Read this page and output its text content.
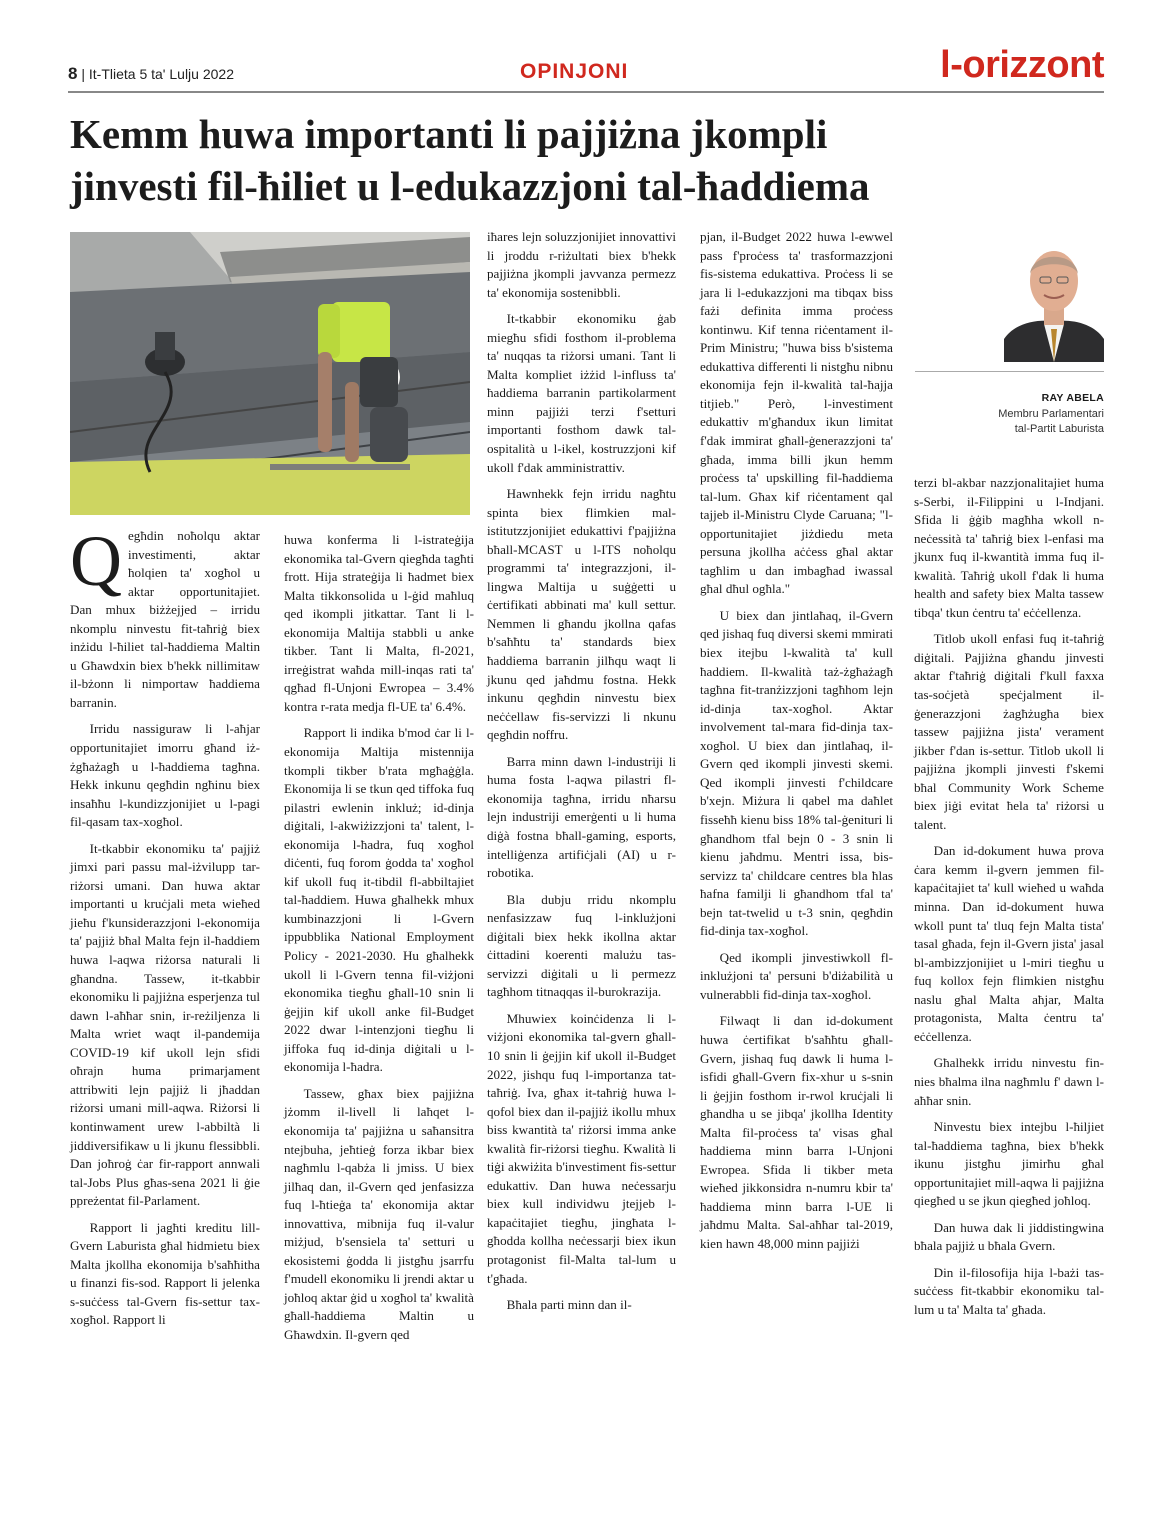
8 | It-Tlieta 5 ta' Lulju 2022	OPINJONI	l-orizzont
Kemm huwa importanti li pajjiżna jkompli
jinvesti fil-ħiliet u l-edukazzjoni tal-ħaddiema
Q egħdin noħolqu aktar investimenti, aktar ħolqien ta' xogħol u aktar opportunitajiet. Dan mhux biżżejjed – irridu nkomplu ninvestu fit-taħriġ biex inżidu l-ħiliet tal-ħaddiema Maltin u Għawdxin biex b'hekk nillimitaw il-bżonn li nimportaw ħaddiema barranin.

Irridu nassiguraw li l-aħjar opportunitajiet imorru għand iż-żgħażagħ u l-ħaddiema tagħna. Hekk inkunu qegħdin ngħinu biex insaħħu l-kundizzjonijiet u l-pagi fil-qasam tax-xogħol.

It-tkabbir ekonomiku ta' pajjiż jimxi pari passu mal-iżvilupp tar-riżorsi umani. Dan huwa aktar importanti u kruċjali meta wieħed jieħu f'kunsiderazzjoni l-ekonomija ta' pajjiż bħal Malta fejn il-ħaddiem huwa l-aqwa riżorsa naturali li għandna. Tassew, it-tkabbir ekonomiku li pajjiżna esperjenza tul dawn l-aħħar snin, ir-reżiljenza li Malta wriet waqt il-pandemija COVID-19 kif ukoll lejn sfidi oħrajn huma primarjament attribwiti lejn pajjiż li jħaddan riżorsi umani mill-aqwa. Riżorsi li kontinwament urew l-abbiltà li jiddiversifikaw u li jkunu flessibbli. Dan joħroġ ċar fir-rapport annwali tal-Jobs Plus għas-sena 2021 li ġie ppreżentat fil-Parlament.

Rapport li jagħti kreditu lill-Gvern Laburista għal ħidmietu biex Malta jkollha ekonomija b'saħħitha u finanzi fis-sod. Rapport li jelenka s-suċċess tal-Gvern fis-settur tax-xogħol. Rapport li

huwa konferma li l-istrateġija ekonomika tal-Gvern qiegħda tagħti frott. Hija strateġija li ħadmet biex Malta tikkonsolida u l-ġid maħluq qed ikompli jitkattar. Tant li l-ekonomija Maltija stabbli u anke tikber. Tant li Malta, fl-2021, irreġistrat waħda mill-inqas rati ta' qgħad fl-Unjoni Ewropea – 3.4% kontra r-rata medja fl-UE ta' 6.4%.

Rapport li indika b'mod ċar li l-ekonomija Maltija mistennija tkompli tikber b'rata mgħaġġla. Ekonomija li se tkun qed tiffoka fuq pilastri ewlenin inkluż; id-dinja diġitali, l-akwiżizzjoni ta' talent, l-ekonomija l-ħadra, fuq xogħol diċenti, fuq forom ġodda ta' xogħol kif ukoll fuq it-tibdil fl-abbiltajiet tal-ħaddiem. Huwa għalhekk mhux kumbinazzjoni li l-Gvern ippubblika National Employment Policy - 2021-2030. Hu għalhekk ukoll li l-Gvern tenna fil-viżjoni ekonomika tiegħu għall-10 snin li ġejjin kif ukoll anke fil-Budget 2022 dwar l-intenzjoni tiegħu li jiffoka fuq id-dinja diġitali u l-ekonomija l-ħadra.

Tassew, għax biex pajjiżna jżomm il-livell li laħqet l-ekonomija ta' pajjiżna u saħansitra ntejbuha, jeħtieġ forza ikbar biex nagħmlu l-qabża li jmiss. U biex jilħaq dan, il-Gvern qed jenfasizza fuq l-ħtieġa ta' ekonomija aktar innovattiva, mibnija fuq il-valur miżjud, b'sensiela ta' setturi u ekosistemi ġodda li jistgħu jsarrfu f'mudell ekonomiku li jrendi aktar u joħloq aktar ġid u xogħol ta' kwalità għall-ħaddiema Maltin u Għawdxin. Il-gvern qed

iħares lejn soluzzjonijiet innovattivi li jroddu r-riżultati biex b'hekk pajjiżna jkompli javvanza permezz ta' ekonomija sostenibbli.

It-tkabbir ekonomiku ġab miegħu sfidi fosthom il-problema ta' nuqqas ta riżorsi umani. Tant li Malta kompliet iżżid l-influss ta' ħaddiema barranin partikolarment minn pajjiżi terzi f'setturi importanti fosthom dawk tal-ospitalità u l-ikel, kostruzzjoni kif ukoll f'dak amministrattiv.

Hawnhekk fejn irridu nagħtu spinta biex flimkien mal-istitutzzjonijiet edukattivi f'pajjiżna bħall-MCAST u l-ITS noħolqu programmi ta' integrazzjoni, il-lingwa Maltija u suġġetti u ċertifikati abbinati ma' kull settur. Nemmen li għandu jkollna qafas b'saħħtu ta' standards biex ħaddiema barranin jilħqu waqt li jkunu qed jaħdmu fostna. Hekk inkunu qegħdin ninvestu biex neċċellaw fis-servizzi li nkunu qegħdin noffru.

Barra minn dawn l-industriji li huma fosta l-aqwa pilastri fl-ekonomija tagħna, irridu nħarsu lejn industriji emerġenti u li huma diġà fostna bħall-gaming, esports, intelliġenza artifiċjali (AI) u r-robotika.

Bla dubju rridu nkomplu nenfasizzaw fuq l-inklużjoni diġitali biex hekk ikollna aktar ċittadini koerenti malużu tas-servizzi diġitali u li permezz tagħhom titnaqqas il-burokrazija.

Mhuwiex koinċidenza li l-viżjoni ekonomika tal-gvern għall-10 snin li ġejjin kif ukoll il-Budget 2022, jishqu fuq l-importanza tat-taħriġ. Iva, għax it-taħriġ huwa l-qofol biex dan il-pajjiż ikollu mhux biss kwantità ta' riżorsi imma anke kwalità fir-riżorsi tiegħu. Kwalità li tiġi akwiżita b'investiment fis-settur edukattiv. Dan huwa neċessarju biex kull individwu jtejjeb l-kapaċitajiet tiegħu, jingħata l-għodda kollha neċessarji biex ikun protagonist fil-Malta tal-lum u t'għada.

Bħala parti minn dan il-

pjan, il-Budget 2022 huwa l-ewwel pass f'proċess ta' trasformazzjoni fis-sistema edukattiva. Proċess li se jara li l-edukazzjoni ma tibqax biss fażi definita imma proċess kontinwu. Kif tenna riċentament il-Prim Ministru; "huwa biss b'sistema edukattiva differenti li nistgħu nibnu ekonomija fejn il-kwalità tal-ħajja titjieb." Però, l-investiment edukattiv m'għandux ikun limitat f'dak immirat għall-ġenerazzjoni ta' għada, imma billi jkun hemm proċess ta' upskilling fil-ħaddiema tal-lum. Għax kif riċentament qal tajjeb il-Ministru Clyde Caruana; "l-opportunitajiet jiżdiedu meta persuna jkollha aċċess għal aktar tagħlim u dan imbagħad iwassal għal dħul ogħla."

U biex dan jintlaħaq, il-Gvern qed jishaq fuq diversi skemi mmirati biex itejbu l-kwalità ta' kull ħaddiem. Il-kwalità taż-żgħażagħ tagħna fit-tranżizzjoni tagħhom lejn id-dinja tax-xogħol. Aktar involvement tal-mara fid-dinja tax-xogħol. U biex dan jintlaħaq, il-Gvern qed ikompli jinvesti skemi. Qed ikompli jinvesti f'childcare b'xejn. Miżura li qabel ma daħlet fisseħħ kienu biss 18% tal-ġenituri li għandhom tfal bejn 0 - 3 snin li kienu jaħdmu. Mentri issa, bis-servizz ta' childcare centres bla ħlas ħafna familji li għandhom tfal ta' bejn tat-twelid u t-3 snin, qegħdin fid-dinja tax-xogħol.

Qed ikompli jinvestiwkoll fl-inklużjoni ta' persuni b'diżabilità u vulnerabbli fid-dinja tax-xogħol.

Filwaqt li dan id-dokument huwa ċertifikat b'saħħtu għall-Gvern, jishaq fuq dawk li huma l-isfidi għall-Gvern fix-xhur u s-snin li ġejjin fosthom ir-rwol kruċjali li għandha u se jibqa' jkollha Identity Malta fil-proċess ta' visas għal ħaddiema minn barra l-Unjoni Ewropea. Sfida li tikber meta wieħed jikkonsidra n-numru kbir ta' ħaddiema minn barra l-UE li jaħdmu Malta. Sal-aħħar tal-2019, kien hawn 48,000 minn pajjiżi

RAY ABELA
Membru Parlamentari
tal-Partit Laburista

terzi bl-akbar nazzjonalitajiet huma s-Serbi, il-Filippini u l-Indjani. Sfida li ġġib magħha wkoll n-neċessità ta' taħriġ biex l-enfasi ma jkunx fuq il-kwantità imma fuq il-kwalità. Taħriġ ukoll f'dak li huma health and safety biex Malta tassew tibqa' tkun ċentru ta' eċċellenza.

Titlob ukoll enfasi fuq it-taħriġ diġitali. Pajjiżna għandu jinvesti aktar f'taħriġ diġitali f'kull faxxa tas-soċjetà speċjalment il-ġenerazzjoni żagħżugħa biex tassew pajjiżna jista' verament jikber f'dan is-settur. Titlob ukoll li pajjiżna jkompli jinvesti f'skemi bħal Community Work Scheme biex jiġi evitat ħela ta' riżorsi u talent.

Dan id-dokument huwa prova ċara kemm il-gvern jemmen fil-kapaċitajiet ta' kull wieħed u waħda minna. Dan id-dokument huwa wkoll punt ta' tluq fejn Malta tista' tasal għada, fejn il-Gvern jista' jasal bl-ambizzjonijiet u l-miri tiegħu u fuq kollox fejn flimkien nistgħu naslu għal Malta aħjar, Malta protagonista, Malta ċentru ta' eċċellenza.

Għalhekk irridu ninvestu fin-nies bħalma ilna nagħmlu f' dawn l-aħħar snin.

Ninvestu biex intejbu l-ħiljiet tal-ħaddiema tagħna, biex b'hekk ikunu jistgħu jimirħu għal opportunitajiet mill-aqwa li pajjiżna qiegħed u se jkun qiegħed joħloq.

Dan huwa dak li jiddistingwina bħala pajjiż u bħala Gvern.

Din il-filosofija hija l-bażi tas-suċċess fit-tkabbir ekonomiku tal-lum u ta' Malta ta' għada.
